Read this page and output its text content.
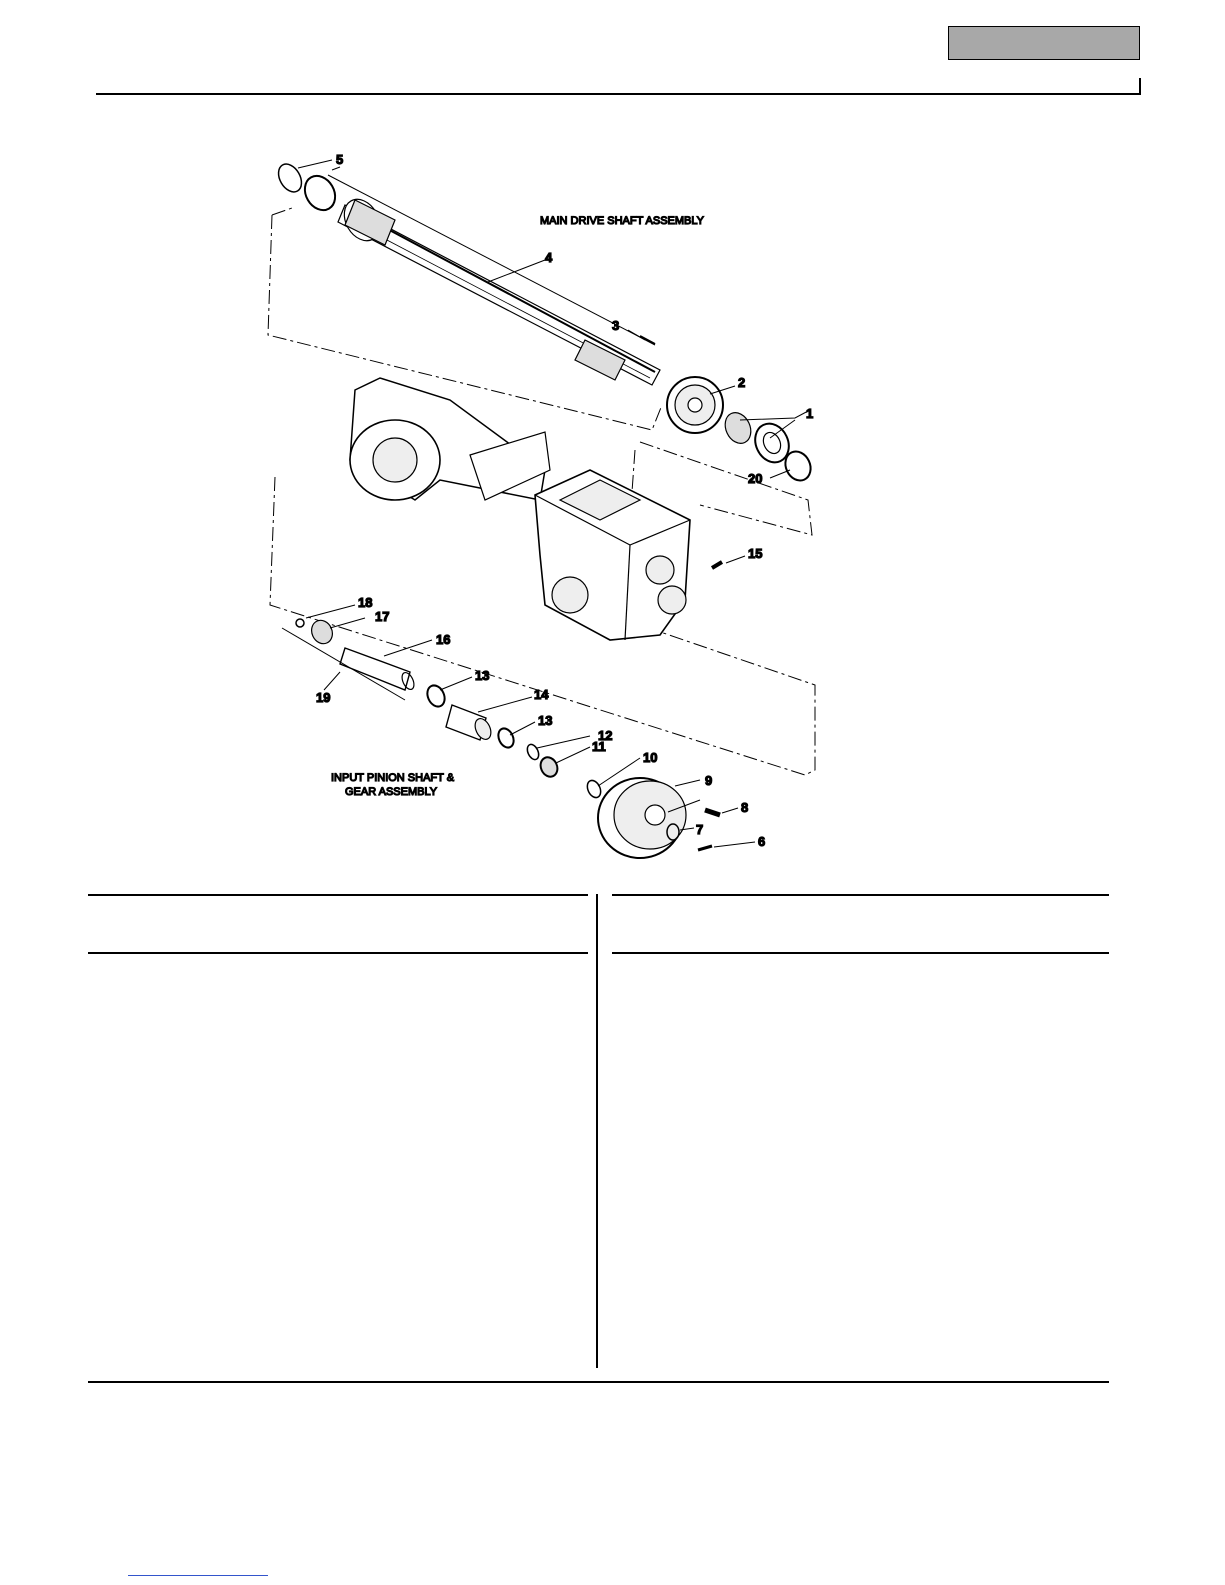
5
4
3
2
1
20
15
18
17
16
19
13
14
13
12
11
10
9
8
7
6
MAIN DRIVE SHAFT ASSEMBLY
INPUT PINION SHAFT &
GEAR ASSEMBLY
